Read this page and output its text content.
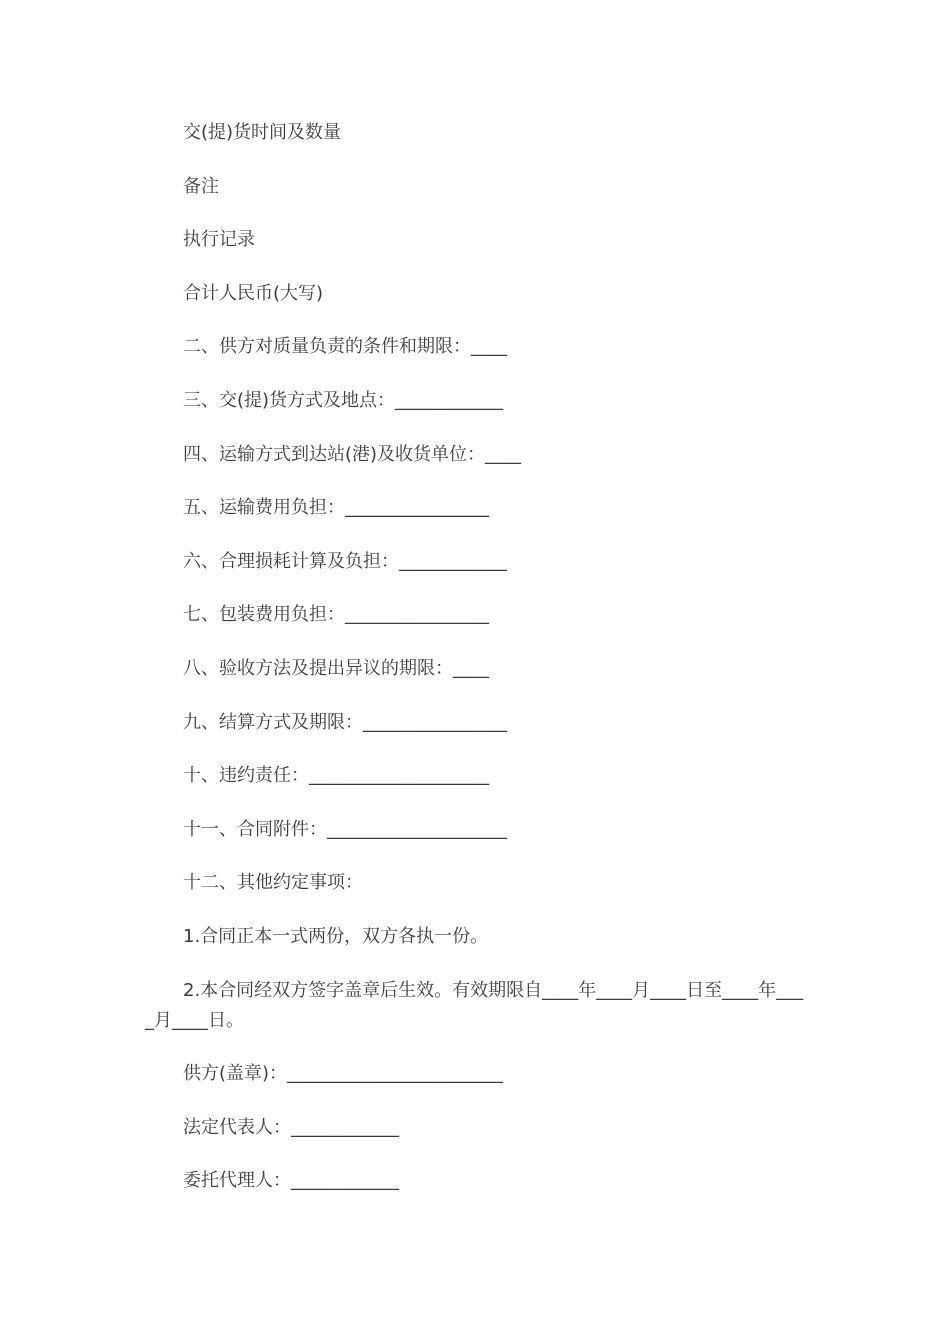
交(提)货时间及数量

备注

执行记录

合计人民币(大写)

二、供方对质量负责的条件和期限：____

三、交(提)货方式及地点：____________

四、运输方式到达站(港)及收货单位：____

五、运输费用负担：________________

六、合理损耗计算及负担：____________

七、包装费用负担：________________

八、验收方法及提出异议的期限：____

九、结算方式及期限：________________

十、违约责任：____________________

十一、合同附件：____________________

十二、其他约定事项：

1.合同正本一式两份，双方各执一份。

2.本合同经双方签字盖章后生效。有效期限自____年____月____日至____年____月____日。

供方(盖章)：________________________

法定代表人：____________

委托代理人：____________
